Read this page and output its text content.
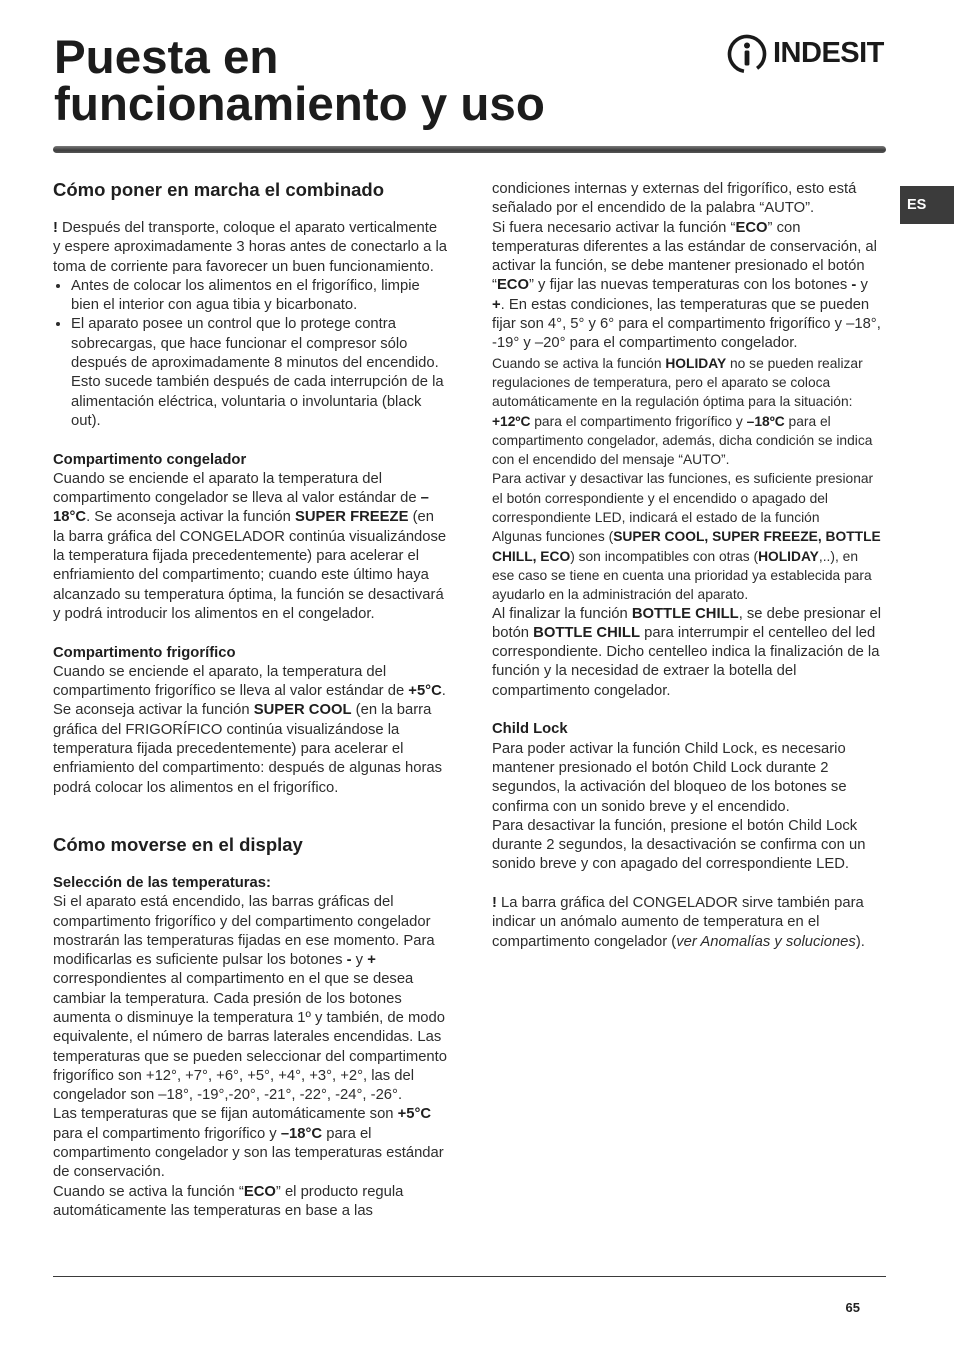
Puesta en
funcionamiento y uso
INDESIT
ES
Cómo poner en marcha el combinado

! Después del transporte, coloque el aparato verticalmente y espere aproximadamente 3 horas antes de conectarlo a la toma de corriente para favorecer un buen funcionamiento.

• Antes de colocar los alimentos en el frigorífico, limpie bien el interior con agua tibia y bicarbonato.
• El aparato posee un control que lo protege contra sobrecargas, que hace funcionar el compresor sólo después de aproximadamente 8 minutos del encendido. Esto sucede también después de cada interrupción de la alimentación eléctrica, voluntaria o involuntaria (black out).
Compartimento congelador

Cuando se enciende el aparato la temperatura del compartimento congelador se lleva al valor estándar de –18°C. Se aconseja activar la función SUPER FREEZE (en la barra gráfica del CONGELADOR continúa visualizándose la temperatura fijada precedentemente) para acelerar el enfriamiento del compartimento; cuando este último haya alcanzado su temperatura óptima, la función se desactivará y podrá introducir los alimentos en el congelador.

Compartimento frigorífico

Cuando se enciende el aparato, la temperatura del compartimento frigorífico se lleva al valor estándar de +5°C. Se aconseja activar la función SUPER COOL (en la barra gráfica del FRIGORÍFICO continúa visualizándose la temperatura fijada precedentemente) para acelerar el enfriamiento del compartimento: después de algunas horas podrá colocar los alimentos en el frigorífico.

Cómo moverse en el display
Selección de las temperaturas:

Si el aparato está encendido, las barras gráficas del compartimento frigorífico y del compartimento congelador mostrarán las temperaturas fijadas en ese momento. Para modificarlas es suficiente pulsar los botones - y + correspondientes al compartimento en el que se desea cambiar la temperatura. Cada presión de los botones aumenta o disminuye la temperatura 1º y también, de modo equivalente, el número de barras laterales encendidas. Las temperaturas que se pueden seleccionar del compartimento frigorífico son +12°, +7°, +6°, +5°, +4°, +3°, +2°, las del congelador son –18°, -19°,-20°, -21°, -22°, -24°, -26°.

Las temperaturas que se fijan automáticamente son +5°C para el compartimento frigorífico y –18°C para el compartimento congelador y son las temperaturas estándar de conservación.

Cuando se activa la función “ECO” el producto regula automáticamente las temperaturas en base a las

condiciones internas y externas del frigorífico, esto está señalado por el encendido de la palabra “AUTO”.

Si fuera necesario activar la función “ECO” con temperaturas diferentes a las estándar de conservación, al activar la función, se debe mantener presionado el botón “ECO” y fijar las nuevas temperaturas con los botones - y +. En estas condiciones, las temperaturas que se pueden fijar son 4°, 5° y 6° para el compartimento frigorífico y –18°, -19° y –20° para el compartimento congelador.

Cuando se activa la función HOLIDAY no se pueden realizar regulaciones de temperatura, pero el aparato se coloca automáticamente en la regulación óptima para la situación: +12ºC para el compartimento frigorífico y –18ºC para el compartimento congelador, además, dicha condición se indica con el encendido del mensaje “AUTO”.

Para activar y desactivar las funciones, es suficiente presionar el botón correspondiente y el encendido o apagado del correspondiente LED, indicará el estado de la función

Algunas funciones (SUPER COOL, SUPER FREEZE, BOTTLE CHILL, ECO) son incompatibles con otras (HOLIDAY,..), en ese caso se tiene en cuenta una prioridad ya establecida para ayudarlo en la administración del aparato.

Al finalizar la función BOTTLE CHILL, se debe presionar el botón BOTTLE CHILL para interrumpir el centelleo del led correspondiente. Dicho centelleo indica la finalización de la función y la necesidad de extraer la botella del compartimento congelador.

Child Lock

Para poder activar la función Child Lock, es necesario mantener presionado el botón Child Lock durante 2 segundos, la activación del bloqueo de los botones se confirma con un sonido breve y el encendido.

Para desactivar la función, presione el botón Child Lock durante 2 segundos, la desactivación se confirma con un sonido breve y con apagado del correspondiente LED.

! La barra gráfica del CONGELADOR sirve también para indicar un anómalo aumento de temperatura en el compartimento congelador (ver Anomalías y soluciones).

65
